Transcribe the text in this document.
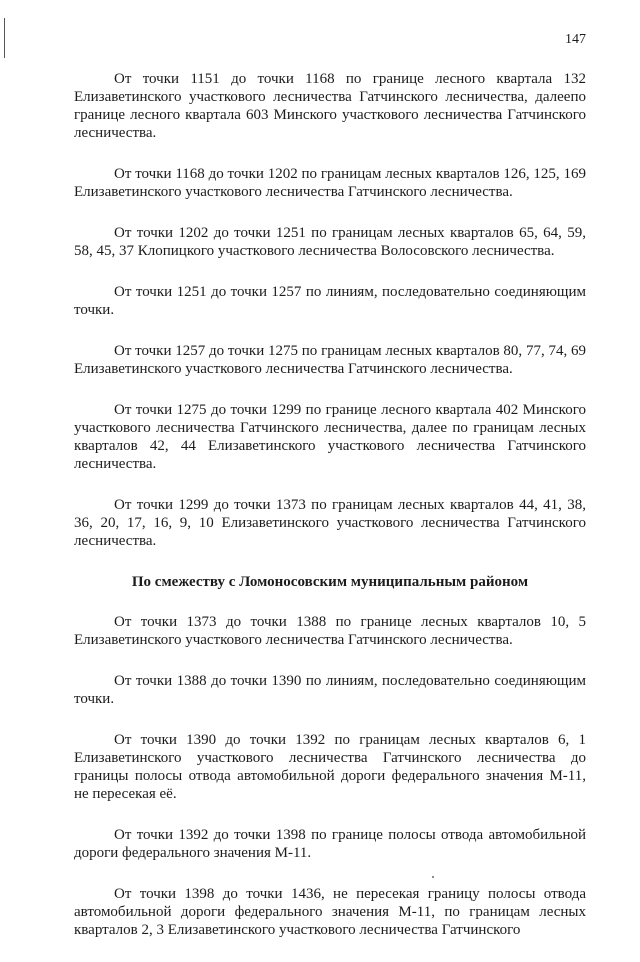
147

От точки 1151 до точки 1168 по границе лесного квартала 132 Елизаветинского участкового лесничества Гатчинского лесничества, далеепо границе лесного квартала 603 Минского участкового лесничества Гатчинского лесничества.

От точки 1168 до точки 1202 по границам лесных кварталов 126, 125, 169 Елизаветинского участкового лесничества Гатчинского лесничества.

От точки 1202 до точки 1251 по границам лесных кварталов 65, 64, 59, 58, 45, 37 Клопицкого участкового лесничества Волосовского лесничества.

От точки 1251 до точки 1257 по линиям, последовательно соединяющим точки.

От точки 1257 до точки 1275 по границам лесных кварталов 80, 77, 74, 69 Елизаветинского участкового лесничества Гатчинского лесничества.

От точки 1275 до точки 1299 по границе лесного квартала 402 Минского участкового лесничества Гатчинского лесничества, далее по границам лесных кварталов 42, 44 Елизаветинского участкового лесничества Гатчинского лесничества.

От точки 1299 до точки 1373 по границам лесных кварталов 44, 41, 38, 36, 20, 17, 16, 9, 10 Елизаветинского участкового лесничества Гатчинского лесничества.

По смежеству с Ломоносовским муниципальным районом

От точки 1373 до точки 1388 по границе лесных кварталов 10, 5 Елизаветинского участкового лесничества Гатчинского лесничества.

От точки 1388 до точки 1390 по линиям, последовательно соединяющим точки.

От точки 1390 до точки 1392 по границам лесных кварталов 6, 1 Елизаветинского участкового лесничества Гатчинского лесничества до границы полосы отвода автомобильной дороги федерального значения М-11, не пересекая её.

От точки 1392 до точки 1398 по границе полосы отвода автомобильной дороги федерального значения М-11.

От точки 1398 до точки 1436, не пересекая границу полосы отвода автомобильной дороги федерального значения М-11, по границам лесных кварталов 2, 3 Елизаветинского участкового лесничества Гатчинского
